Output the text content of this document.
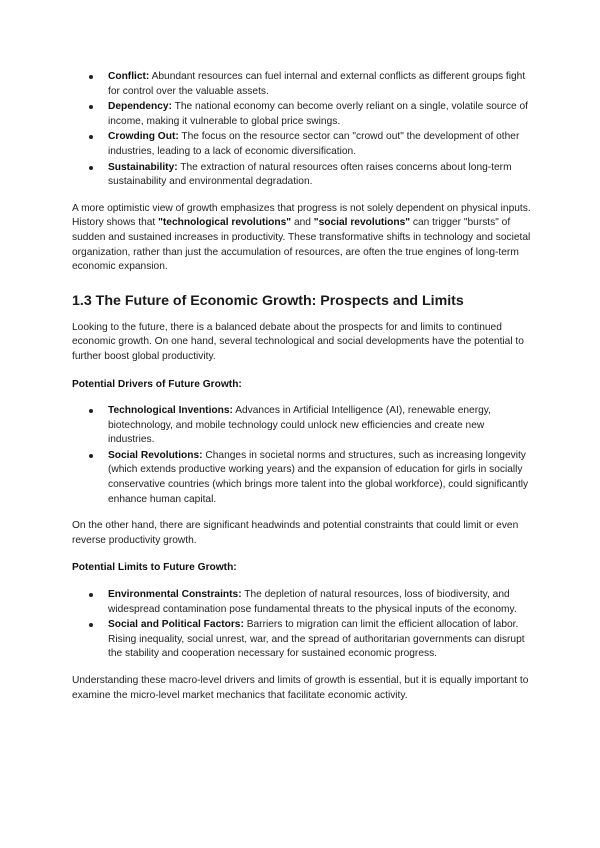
Conflict: Abundant resources can fuel internal and external conflicts as different groups fight for control over the valuable assets.
Dependency: The national economy can become overly reliant on a single, volatile source of income, making it vulnerable to global price swings.
Crowding Out: The focus on the resource sector can "crowd out" the development of other industries, leading to a lack of economic diversification.
Sustainability: The extraction of natural resources often raises concerns about long-term sustainability and environmental degradation.

A more optimistic view of growth emphasizes that progress is not solely dependent on physical inputs. History shows that "technological revolutions" and "social revolutions" can trigger "bursts" of sudden and sustained increases in productivity. These transformative shifts in technology and societal organization, rather than just the accumulation of resources, are often the true engines of long-term economic expansion.

1.3 The Future of Economic Growth: Prospects and Limits

Looking to the future, there is a balanced debate about the prospects for and limits to continued economic growth. On one hand, several technological and social developments have the potential to further boost global productivity.

Potential Drivers of Future Growth:
Technological Inventions: Advances in Artificial Intelligence (AI), renewable energy, biotechnology, and mobile technology could unlock new efficiencies and create new industries.
Social Revolutions: Changes in societal norms and structures, such as increasing longevity (which extends productive working years) and the expansion of education for girls in socially conservative countries (which brings more talent into the global workforce), could significantly enhance human capital.

On the other hand, there are significant headwinds and potential constraints that could limit or even reverse productivity growth.

Potential Limits to Future Growth:
Environmental Constraints: The depletion of natural resources, loss of biodiversity, and widespread contamination pose fundamental threats to the physical inputs of the economy.
Social and Political Factors: Barriers to migration can limit the efficient allocation of labor. Rising inequality, social unrest, war, and the spread of authoritarian governments can disrupt the stability and cooperation necessary for sustained economic progress.

Understanding these macro-level drivers and limits of growth is essential, but it is equally important to examine the micro-level market mechanics that facilitate economic activity.
